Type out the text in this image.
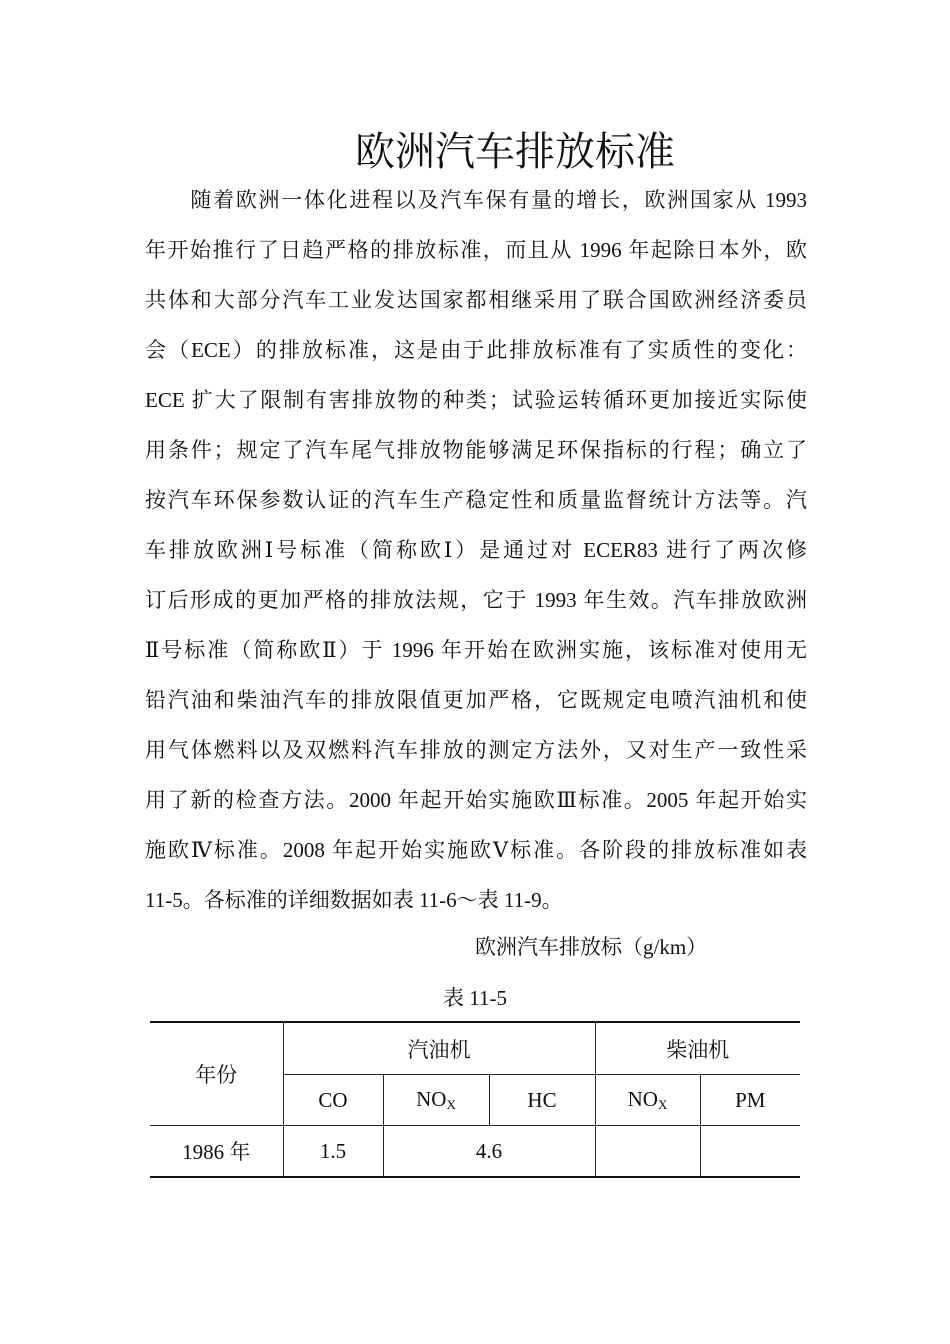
欧洲汽车排放标准
　　随着欧洲一体化进程以及汽车保有量的增长，欧洲国家从 1993
年开始推行了日趋严格的排放标准，而且从 1996 年起除日本外，欧
共体和大部分汽车工业发达国家都相继采用了联合国欧洲经济委员
会（ECE）的排放标准，这是由于此排放标准有了实质性的变化：
ECE 扩大了限制有害排放物的种类；试验运转循环更加接近实际使
用条件；规定了汽车尾气排放物能够满足环保指标的行程；确立了
按汽车环保参数认证的汽车生产稳定性和质量监督统计方法等。汽
车排放欧洲Ⅰ号标准（简称欧Ⅰ）是通过对 ECER83 进行了两次修
订后形成的更加严格的排放法规，它于 1993 年生效。汽车排放欧洲
Ⅱ号标准（简称欧Ⅱ）于 1996 年开始在欧洲实施，该标准对使用无
铅汽油和柴油汽车的排放限值更加严格，它既规定电喷汽油机和使
用气体燃料以及双燃料汽车排放的测定方法外，又对生产一致性采
用了新的检查方法。2000 年起开始实施欧Ⅲ标准。2005 年起开始实
施欧Ⅳ标准。2008 年起开始实施欧Ⅴ标准。各阶段的排放标准如表
11-5。各标准的详细数据如表 11-6～表 11-9。
欧洲汽车排放标（g/km）
表 11-5
年份	汽油机			柴油机	
	CO	$NO_X$	HC	$NO_X$	PM
1986 年	1.5	4.6			
